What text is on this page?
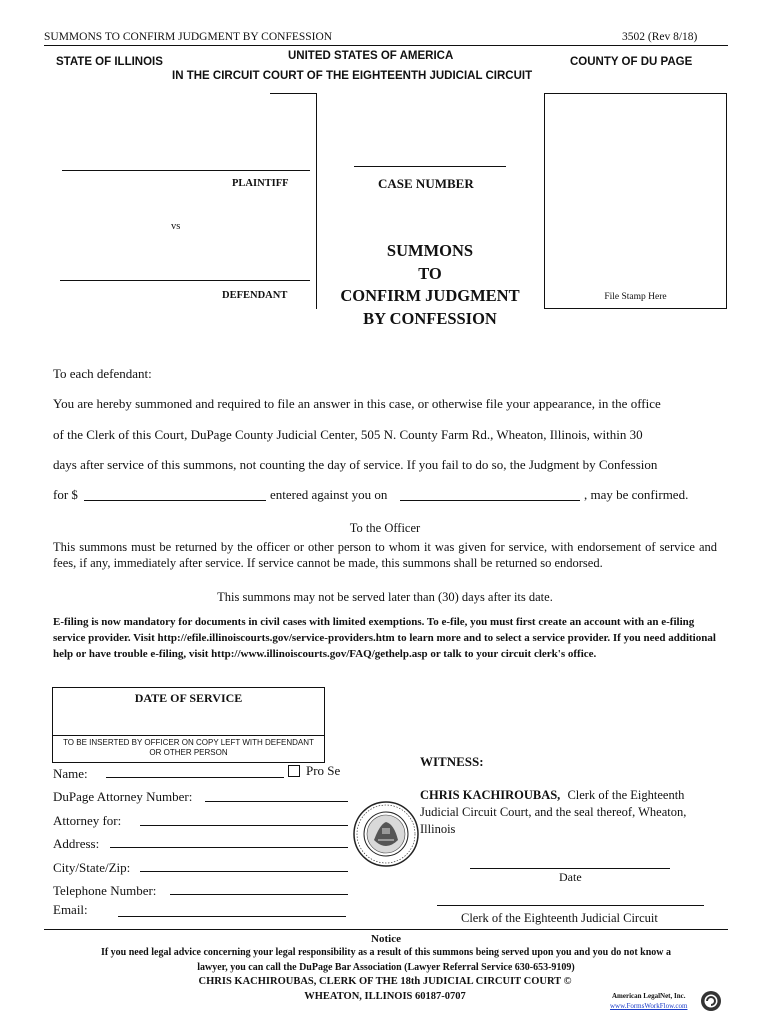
SUMMONS TO CONFIRM JUDGMENT BY CONFESSION	3502 (Rev 8/18)
UNITED STATES OF AMERICA
STATE OF ILLINOIS	COUNTY OF DU PAGE
IN THE CIRCUIT COURT OF THE EIGHTEENTH JUDICIAL CIRCUIT
PLAINTIFF
vs
DEFENDANT
CASE NUMBER
SUMMONS
TO
CONFIRM JUDGMENT
BY CONFESSION
File Stamp Here
To each defendant:
You are hereby summoned and required to file an answer in this case, or otherwise file your appearance, in the office
of the Clerk of this Court, DuPage County Judicial Center, 505 N. County Farm Rd., Wheaton, Illinois, within 30
days after service of this summons, not counting the day of service. If you fail to do so, the Judgment by Confession
for $	entered against you on	, may be confirmed.
To the Officer
This summons must be returned by the officer or other person to whom it was given for service, with endorsement of service and fees, if any, immediately after service. If service cannot be made, this summons shall be returned so endorsed.
This summons may not be served later than (30) days after its date.
E-filing is now mandatory for documents in civil cases with limited exemptions. To e-file, you must first create an account with an e-filing service provider. Visit http://efile.illinoiscourts.gov/service-providers.htm to learn more and to select a service provider. If you need additional help or have trouble e-filing, visit http://www.illinoiscourts.gov/FAQ/gethelp.asp or talk to your circuit clerk's office.
DATE OF SERVICE
TO BE INSERTED BY OFFICER ON COPY LEFT WITH DEFENDANT
OR OTHER PERSON
Name:	Pro Se
DuPage Attorney Number:
Attorney for:
Address:
City/State/Zip:
Telephone Number:
Email:
WITNESS:
CHRIS KACHIROUBAS, Clerk of the Eighteenth
Judicial Circuit Court, and the seal thereof, Wheaton,
Illinois
Date
Clerk of the Eighteenth Judicial Circuit
Notice
If you need legal advice concerning your legal responsibility as a result of this summons being served upon you and you do not know a
lawyer, you can call the DuPage Bar Association (Lawyer Referral Service 630-653-9109)
CHRIS KACHIROUBAS, CLERK OF THE 18th JUDICIAL CIRCUIT COURT ©
WHEATON, ILLINOIS 60187-0707	American LegalNet, Inc.
www.FormsWorkFlow.com
